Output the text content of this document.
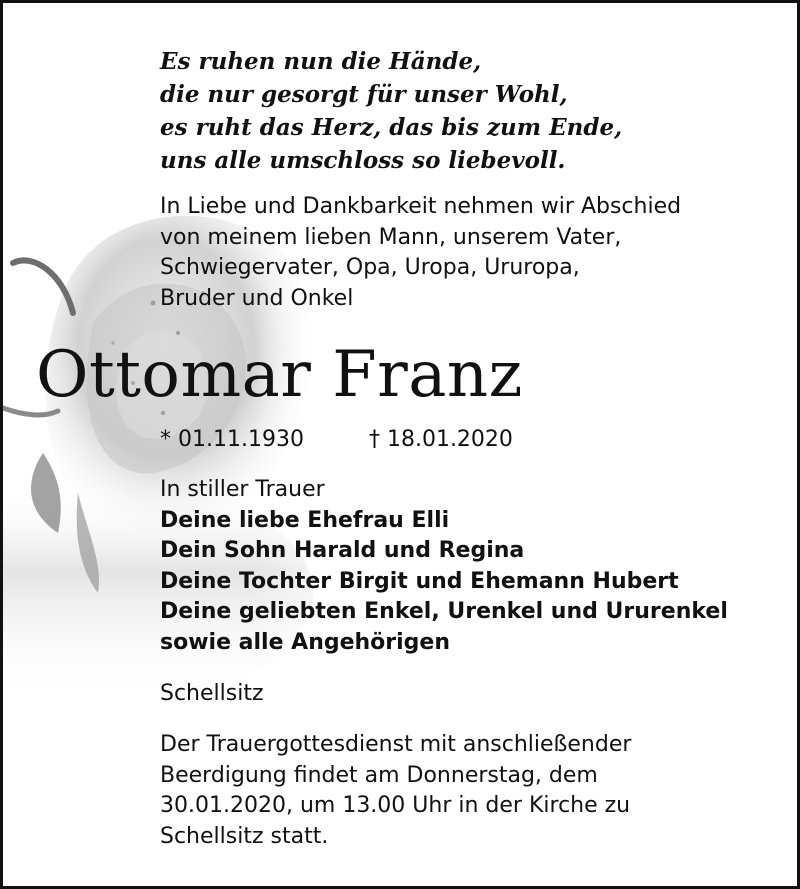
Es ruhen nun die Hände,
die nur gesorgt für unser Wohl,
es ruht das Herz, das bis zum Ende,
uns alle umschloss so liebevoll.
In Liebe und Dankbarkeit nehmen wir Abschied
von meinem lieben Mann, unserem Vater,
Schwiegervater, Opa, Uropa, Ururopa,
Bruder und Onkel
Ottomar Franz
* 01.11.1930	† 18.01.2020
In stiller Trauer
Deine liebe Ehefrau Elli
Dein Sohn Harald und Regina
Deine Tochter Birgit und Ehemann Hubert
Deine geliebten Enkel, Urenkel und Ururenkel
sowie alle Angehörigen
Schellsitz
Der Trauergottesdienst mit anschließender
Beerdigung findet am Donnerstag, dem
30.01.2020, um 13.00 Uhr in der Kirche zu
Schellsitz statt.
